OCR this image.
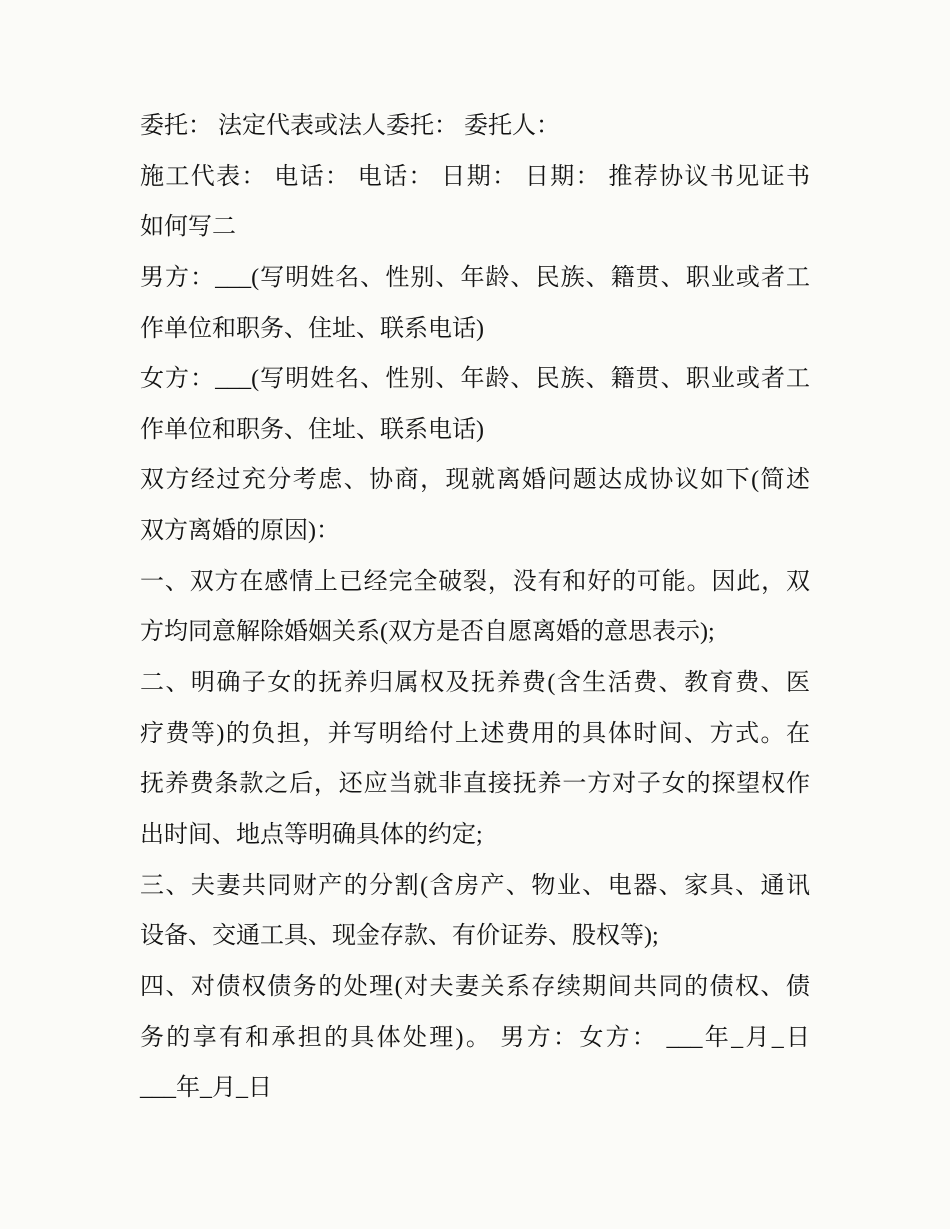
委托： 法定代表或法人委托： 委托人：
施工代表： 电话： 电话： 日期： 日期： 推荐协议书见证书
如何写二
男方：___(写明姓名、性别、年龄、民族、籍贯、职业或者工
作单位和职务、住址、联系电话)
女方：___(写明姓名、性别、年龄、民族、籍贯、职业或者工
作单位和职务、住址、联系电话)
双方经过充分考虑、协商，现就离婚问题达成协议如下(简述
双方离婚的原因)：
一、双方在感情上已经完全破裂，没有和好的可能。因此，双
方均同意解除婚姻关系(双方是否自愿离婚的意思表示);
二、明确子女的抚养归属权及抚养费(含生活费、教育费、医
疗费等)的负担，并写明给付上述费用的具体时间、方式。在
抚养费条款之后，还应当就非直接抚养一方对子女的探望权作
出时间、地点等明确具体的约定;
三、夫妻共同财产的分割(含房产、物业、电器、家具、通讯
设备、交通工具、现金存款、有价证券、股权等);
四、对债权债务的处理(对夫妻关系存续期间共同的债权、债
务的享有和承担的具体处理)。 男方：女方： ___年_月_日
___年_月_日
